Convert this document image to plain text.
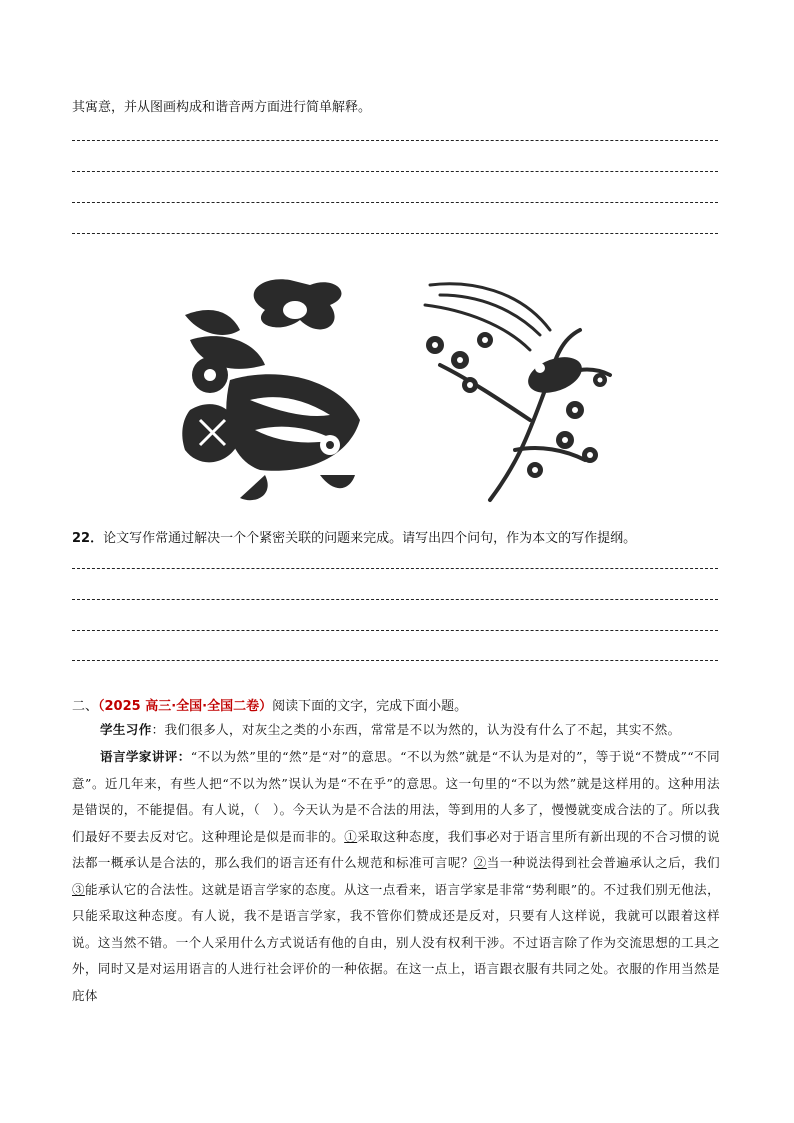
其寓意，并从图画构成和谐音两方面进行简单解释。
22．论文写作常通过解决一个个紧密关联的问题来完成。请写出四个问句，作为本文的写作提纲。
二、（2025 高三·全国·全国二卷）阅读下面的文字，完成下面小题。
学生习作：我们很多人，对灰尘之类的小东西，常常是不以为然的，认为没有什么了不起，其实不然。
语言学家讲评：“不以为然”里的“然”是“对”的意思。“不以为然”就是“不认为是对的”，等于说“不赞成”“不同意”。近几年来，有些人把“不以为然”误认为是“不在乎”的意思。这一句里的“不以为然”就是这样用的。这种用法是错误的，不能提倡。有人说，（　）。今天认为是不合法的用法，等到用的人多了，慢慢就变成合法的了。所以我们最好不要去反对它。这种理论是似是而非的。①采取这种态度，我们事必对于语言里所有新出现的不合习惯的说法都一概承认是合法的，那么我们的语言还有什么规范和标准可言呢？②当一种说法得到社会普遍承认之后，我们③能承认它的合法性。这就是语言学家的态度。从这一点看来，语言学家是非常“势利眼”的。不过我们别无他法，只能采取这种态度。有人说，我不是语言学家，我不管你们赞成还是反对，只要有人这样说，我就可以跟着这样说。这当然不错。一个人采用什么方式说话有他的自由，别人没有权利干涉。不过语言除了作为交流思想的工具之外，同时又是对运用语言的人进行社会评价的一种依据。在这一点上，语言跟衣服有共同之处。衣服的作用当然是庇体
